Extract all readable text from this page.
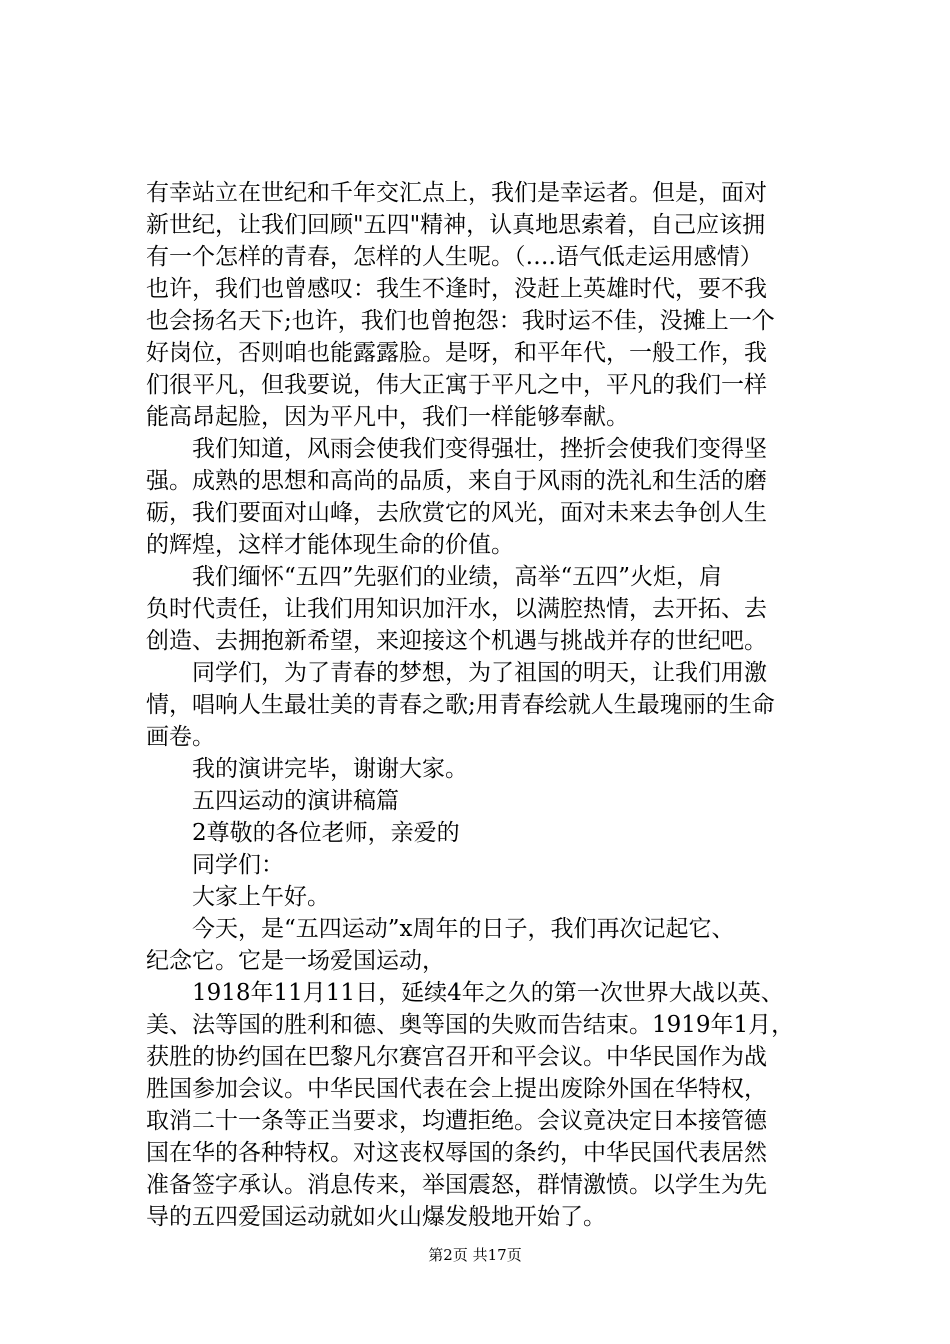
有幸站立在世纪和千年交汇点上，我们是幸运者。但是，面对
新世纪，让我们回顾"五四"精神，认真地思索着，自己应该拥
有一个怎样的青春，怎样的人生呢。（….语气低走运用感情）
也许，我们也曾感叹：我生不逢时，没赶上英雄时代，要不我
也会扬名天下;也许，我们也曾抱怨：我时运不佳，没摊上一个
好岗位，否则咱也能露露脸。是呀，和平年代，一般工作，我
们很平凡，但我要说，伟大正寓于平凡之中，平凡的我们一样
能高昂起脸，因为平凡中，我们一样能够奉献。
　　我们知道，风雨会使我们变得强壮，挫折会使我们变得坚
强。成熟的思想和高尚的品质，来自于风雨的洗礼和生活的磨
砺，我们要面对山峰，去欣赏它的风光，面对未来去争创人生
的辉煌，这样才能体现生命的价值。
　　我们缅怀“五四”先驱们的业绩，高举“五四”火炬，肩
负时代责任，让我们用知识加汗水，以满腔热情，去开拓、去
创造、去拥抱新希望，来迎接这个机遇与挑战并存的世纪吧。
　　同学们，为了青春的梦想，为了祖国的明天，让我们用激
情，唱响人生最壮美的青春之歌;用青春绘就人生最瑰丽的生命
画卷。
　　我的演讲完毕，谢谢大家。
　　五四运动的演讲稿篇
　　2尊敬的各位老师，亲爱的
　　同学们：
　　大家上午好。
　　今天，是“五四运动”x周年的日子，我们再次记起它、
纪念它。它是一场爱国运动，
　　1918年11月11日，延续4年之久的第一次世界大战以英、
美、法等国的胜利和德、奥等国的失败而告结束。1919年1月，
获胜的协约国在巴黎凡尔赛宫召开和平会议。中华民国作为战
胜国参加会议。中华民国代表在会上提出废除外国在华特权，
取消二十一条等正当要求，均遭拒绝。会议竟决定日本接管德
国在华的各种特权。对这丧权辱国的条约，中华民国代表居然
准备签字承认。消息传来，举国震怒，群情激愤。以学生为先
导的五四爱国运动就如火山爆发般地开始了。
第2页 共17页
